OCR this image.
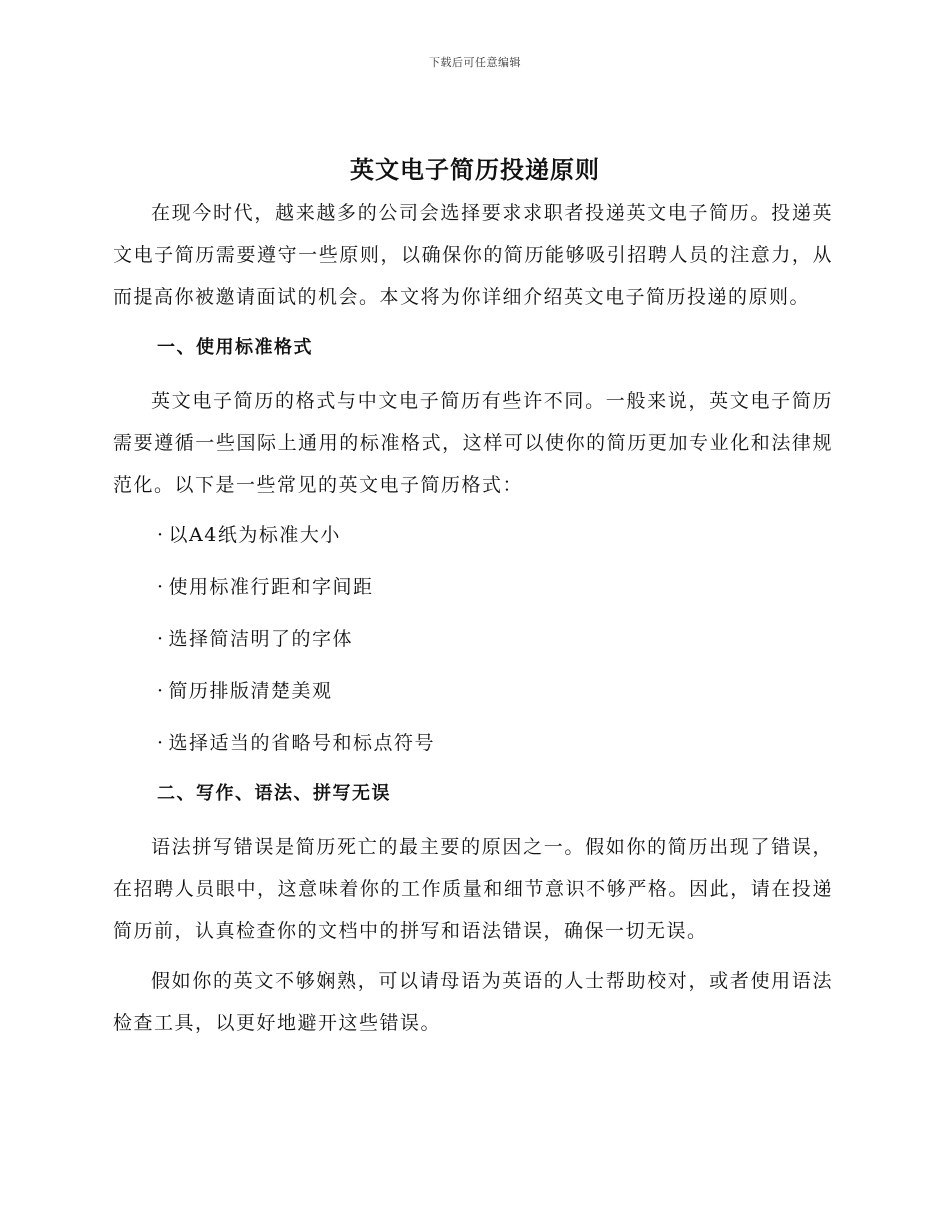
下载后可任意编辑
英文电子简历投递原则

在现今时代，越来越多的公司会选择要求求职者投递英文电子简历。投递英文电子简历需要遵守一些原则，以确保你的简历能够吸引招聘人员的注意力，从而提高你被邀请面试的机会。本文将为你详细介绍英文电子简历投递的原则。

一、使用标准格式

英文电子简历的格式与中文电子简历有些许不同。一般来说，英文电子简历需要遵循一些国际上通用的标准格式，这样可以使你的简历更加专业化和法律规范化。以下是一些常见的英文电子简历格式：

· 以A4纸为标准大小
· 使用标准行距和字间距
· 选择简洁明了的字体
· 简历排版清楚美观
· 选择适当的省略号和标点符号
二、写作、语法、拼写无误

语法拼写错误是简历死亡的最主要的原因之一。假如你的简历出现了错误，在招聘人员眼中，这意味着你的工作质量和细节意识不够严格。因此，请在投递简历前，认真检查你的文档中的拼写和语法错误，确保一切无误。

假如你的英文不够娴熟，可以请母语为英语的人士帮助校对，或者使用语法检查工具，以更好地避开这些错误。
